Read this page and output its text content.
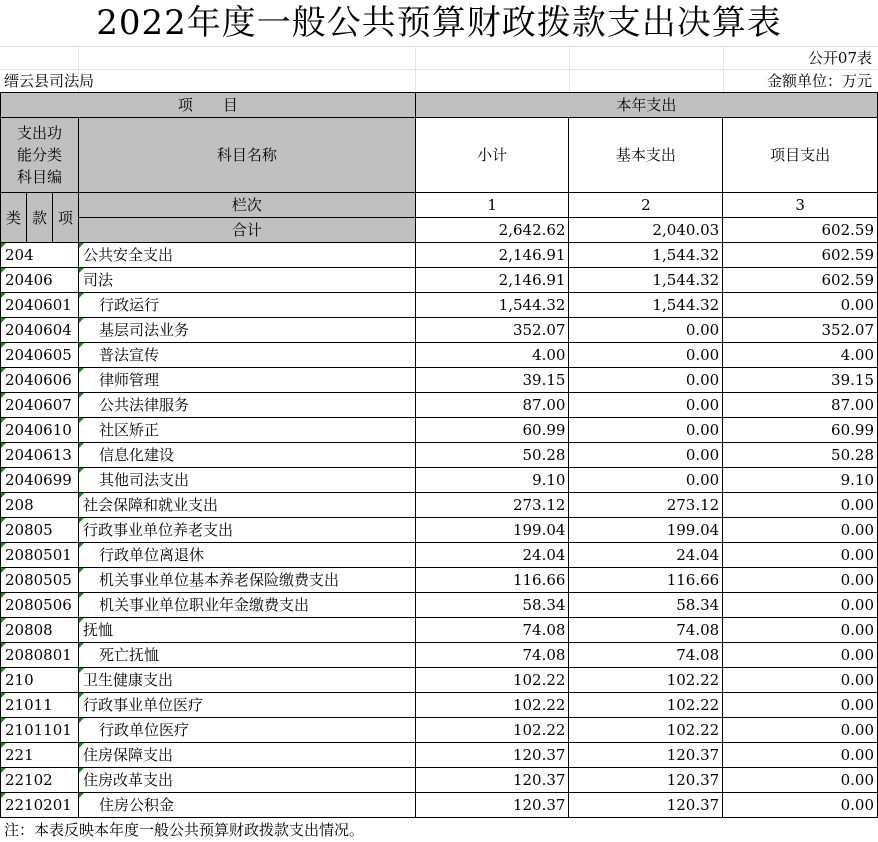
2022年度一般公共预算财政拨款支出决算表
公开07表
缙云县司法局	金额单位：万元
项　　目				本年支出		

支出功
能分类
科目编			科目名称	小计	基本支出	项目支出
类	款	项	栏次	1	2	3
			合计	2,642.62	2,040.03	602.59

204			公共安全支出	2,146.91	1,544.32	602.59

20406			司法	2,146.91	1,544.32	602.59

2040601			行政运行	1,544.32	1,544.32	0.00

2040604			基层司法业务	352.07	0.00	352.07

2040605			普法宣传	4.00	0.00	4.00

2040606			律师管理	39.15	0.00	39.15

2040607			公共法律服务	87.00	0.00	87.00

2040610			社区矫正	60.99	0.00	60.99

2040613			信息化建设	50.28	0.00	50.28

2040699			其他司法支出	9.10	0.00	9.10

208			社会保障和就业支出	273.12	273.12	0.00

20805			行政事业单位养老支出	199.04	199.04	0.00

2080501			行政单位离退休	24.04	24.04	0.00

2080505			机关事业单位基本养老保险缴费支出	116.66	116.66	0.00

2080506			机关事业单位职业年金缴费支出	58.34	58.34	0.00

20808			抚恤	74.08	74.08	0.00

2080801			死亡抚恤	74.08	74.08	0.00

210			卫生健康支出	102.22	102.22	0.00

21011			行政事业单位医疗	102.22	102.22	0.00

2101101			行政单位医疗	102.22	102.22	0.00

221			住房保障支出	120.37	120.37	0.00

22102			住房改革支出	120.37	120.37	0.00

2210201			住房公积金	120.37	120.37	0.00
注：本表反映本年度一般公共预算财政拨款支出情况。
